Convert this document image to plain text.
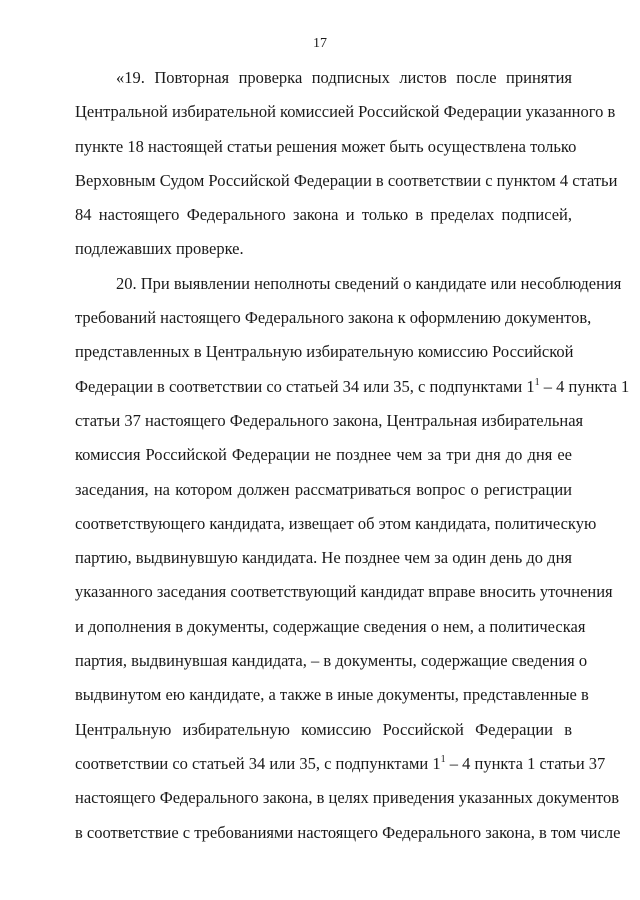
17

«19. Повторная проверка подписных листов после принятия
Центральной избирательной комиссией Российской Федерации указанного в
пункте 18 настоящей статьи решения может быть осуществлена только
Верховным Судом Российской Федерации в соответствии с пунктом 4 статьи
84 настоящего Федерального закона и только в пределах подписей,
подлежавших проверке.

20. При выявлении неполноты сведений о кандидате или несоблюдения
требований настоящего Федерального закона к оформлению документов,
представленных в Центральную избирательную комиссию Российской
Федерации в соответствии со статьей 34 или 35, с подпунктами $1^1 - 4$ пункта 1
статьи 37 настоящего Федерального закона, Центральная избирательная
комиссия Российской Федерации не позднее чем за три дня до дня ее
заседания, на котором должен рассматриваться вопрос о регистрации
соответствующего кандидата, извещает об этом кандидата, политическую
партию, выдвинувшую кандидата. Не позднее чем за один день до дня
указанного заседания соответствующий кандидат вправе вносить уточнения
и дополнения в документы, содержащие сведения о нем, а политическая
партия, выдвинувшая кандидата, – в документы, содержащие сведения о
выдвинутом ею кандидате, а также в иные документы, представленные в
Центральную избирательную комиссию Российской Федерации в
соответствии со статьей 34 или 35, с подпунктами $1^1 - 4$ пункта 1 статьи 37
настоящего Федерального закона, в целях приведения указанных документов
в соответствие с требованиями настоящего Федерального закона, в том числе
